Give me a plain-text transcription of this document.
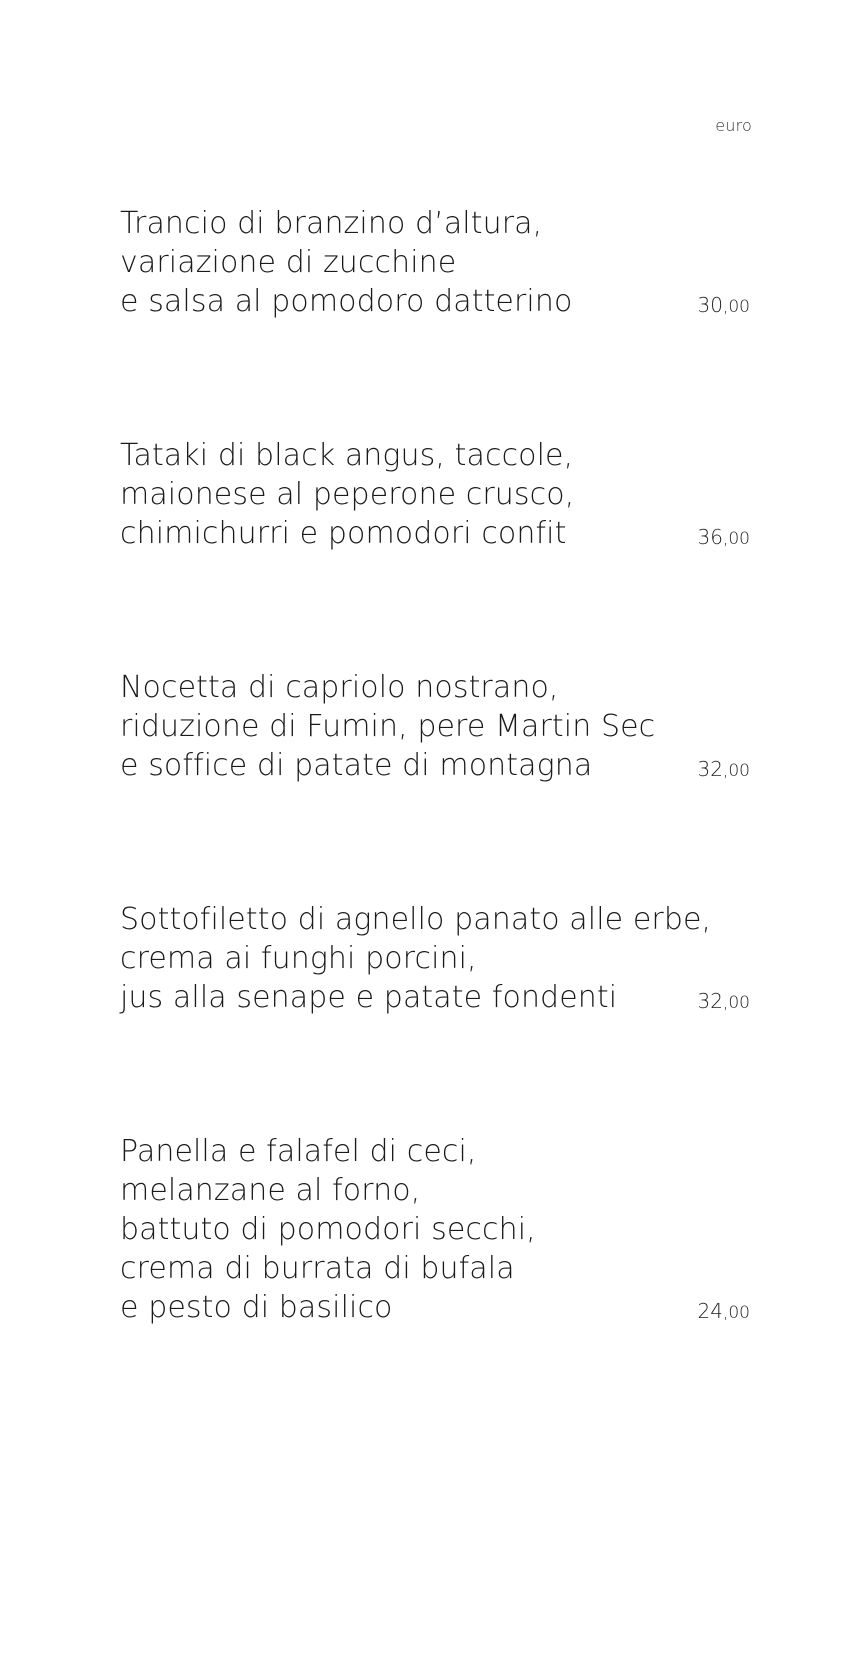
euro
Trancio di branzino d’altura,
variazione di zucchine
e salsa al pomodoro datterino	30,00
Tataki di black angus, taccole,
maionese al peperone crusco,
chimichurri e pomodori confit	36,00
Nocetta di capriolo nostrano,
riduzione di Fumin, pere Martin Sec
e soffice di patate di montagna	32,00
Sottofiletto di agnello panato alle erbe,
crema ai funghi porcini,
jus alla senape e patate fondenti	32,00
Panella e falafel di ceci,
melanzane al forno,
battuto di pomodori secchi,
crema di burrata di bufala
e pesto di basilico	24,00
